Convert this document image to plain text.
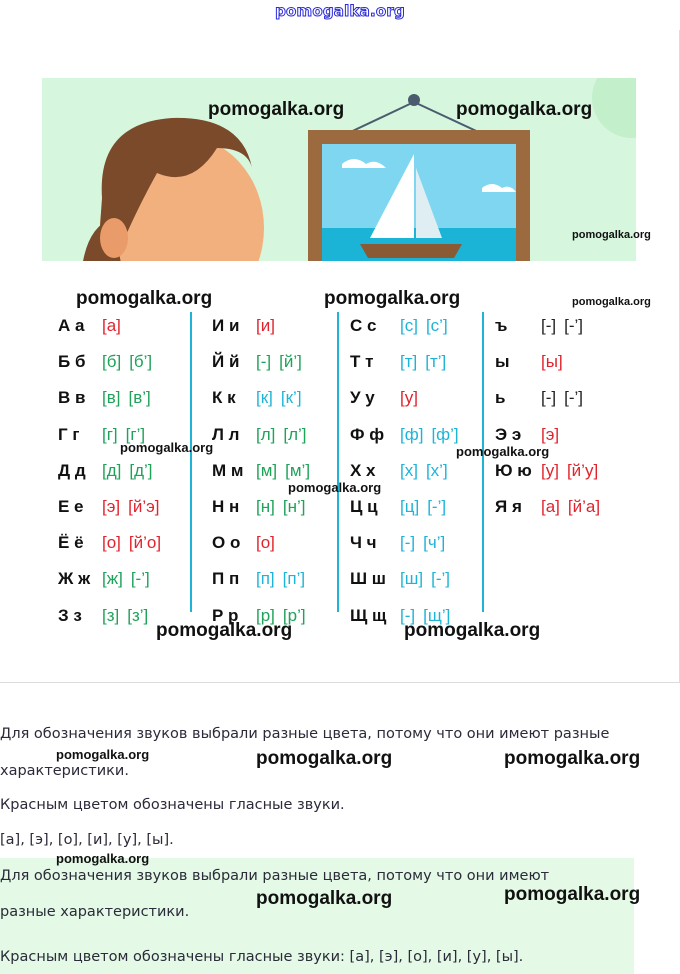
pomogalka.org
pomogalka.org	pomogalka.org
pomogalka.org
pomogalka.org	pomogalka.org	pomogalka.org
А а	[а]
Б б [б] [б’]
В в [в] [в’]
Г г	[г] [г’]
Д д [д] [д’]
Е е	[э] [й’э]
Ё ё	[о] [й’о]
Ж ж [ж] [-’]
З з	[з] [з’]
И и [и]
Й й [-] [й’]
К к	[к] [к’]
Л л [л] [л’]
М м [м] [м’]
Н н [н] [н’]
О о [о]
П п [п] [п’]
Р р	[р] [р’]
С с	[с] [с’]
Т т	[т] [т’]
У у	[у]
Ф ф [ф] [ф’]
Х х	[х] [х’]
Ц ц	[ц] [-’]
Ч ч	[-] [ч’]
Ш ш [ш] [-’]
Щ щ [-] [щ’]
ъ	[-] [-’]
ы	[ы]
ь	[-] [-’]
Э э	[э]
Ю ю [у] [й’у]
Я я	[а] [й’а]
pomogalka.org	pomogalka.org
pomogalka.org
pomogalka.org	pomogalka.org
Для обозначения звуков выбрали разные цвета, потому что они имеют разные
характеристики.
pomogalka.org	pomogalka.org	pomogalka.org
Красным цветом обозначены гласные звуки.
[а], [э], [о], [и], [у], [ы].
pomogalka.org
Для обозначения звуков выбрали разные цвета, потому что они имеют
pomogalka.org
pomogalka.org
разные характеристики.
Красным цветом обозначены гласные звуки: [а], [э], [о], [и], [у], [ы].
